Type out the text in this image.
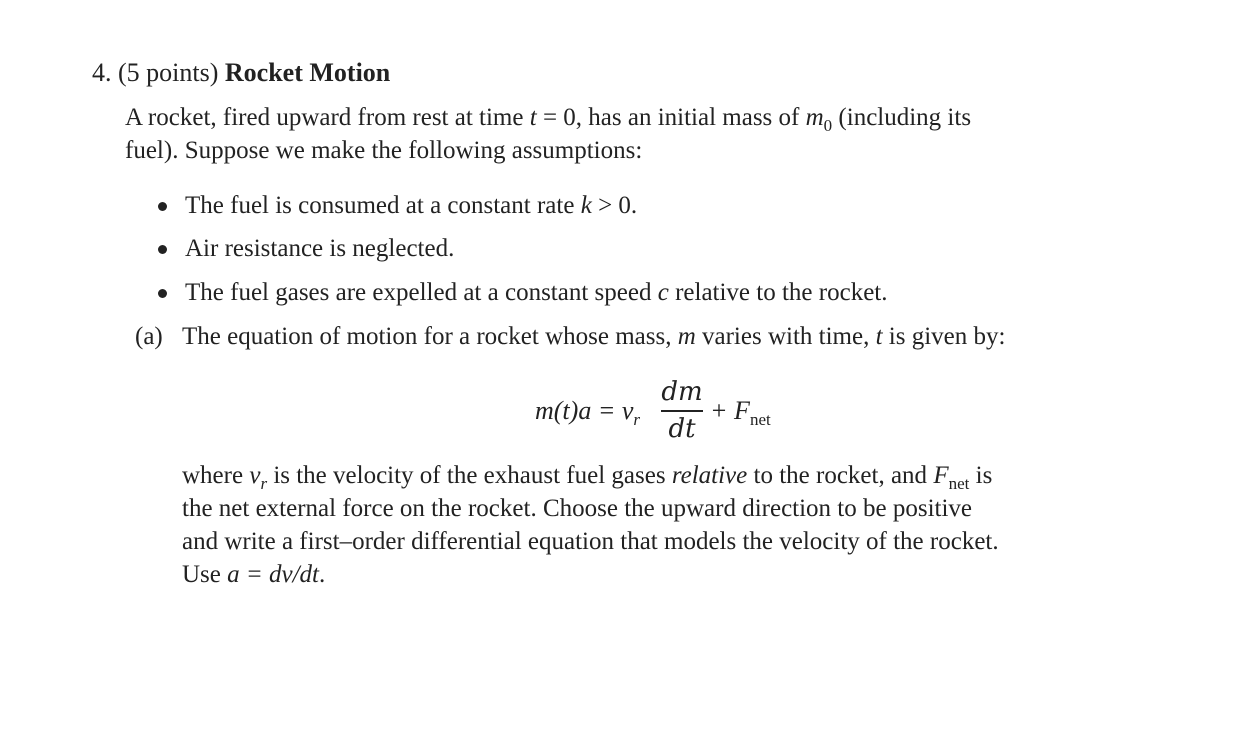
4. (5 points) Rocket Motion
A rocket, fired upward from rest at time t = 0, has an initial mass of $m_0$ (including its
fuel). Suppose we make the following assumptions:
The fuel is consumed at a constant rate k > 0.
Air resistance is neglected.
The fuel gases are expelled at a constant speed c relative to the rocket.
(a) The equation of motion for a rocket whose mass, m varies with time, t is given by:
$m(t)a = v_r$
dm
dt
+ $F_{net}$
where $v_r$ is the velocity of the exhaust fuel gases relative to the rocket, and $F_{net}$ is
the net external force on the rocket. Choose the upward direction to be positive
and write a first–order differential equation that models the velocity of the rocket.
Use a = dv/dt.
